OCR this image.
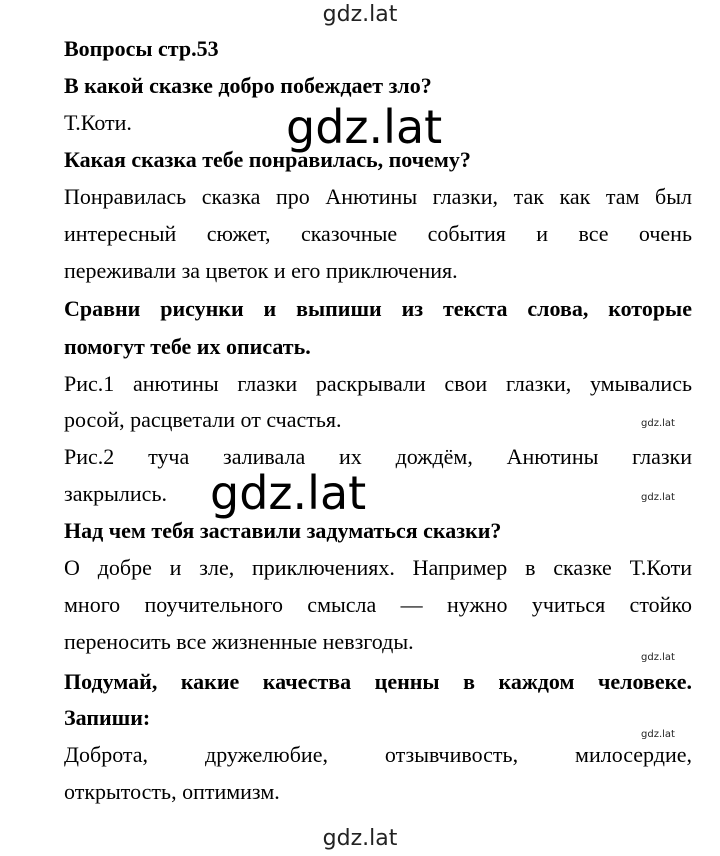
gdz.lat
Вопросы стр.53
В какой сказке добро побеждает зло?
Т.Коти.
Какая сказка тебе понравилась, почему?
Понравилась сказка про Анютины глазки, так как там был
интересный сюжет, сказочные события и все очень
переживали за цветок и его приключения.
Сравни рисунки и выпиши из текста слова, которые
помогут тебе их описать.
Рис.1 анютины глазки раскрывали свои глазки, умывались
росой, расцветали от счастья.
Рис.2 туча заливала их дождём, Анютины глазки
закрылись.
Над чем тебя заставили задуматься сказки?
О добре и зле, приключениях. Например в сказке Т.Коти
много поучительного смысла — нужно учиться стойко
переносить все жизненные невзгоды.
Подумай, какие качества ценны в каждом человеке.
Запиши:
Доброта, дружелюбие, отзывчивость, милосердие,
открытость, оптимизм.
gdz.lat
gdz.lat
gdz.lat
gdz.lat
gdz.lat
gdz.lat
gdz.lat
